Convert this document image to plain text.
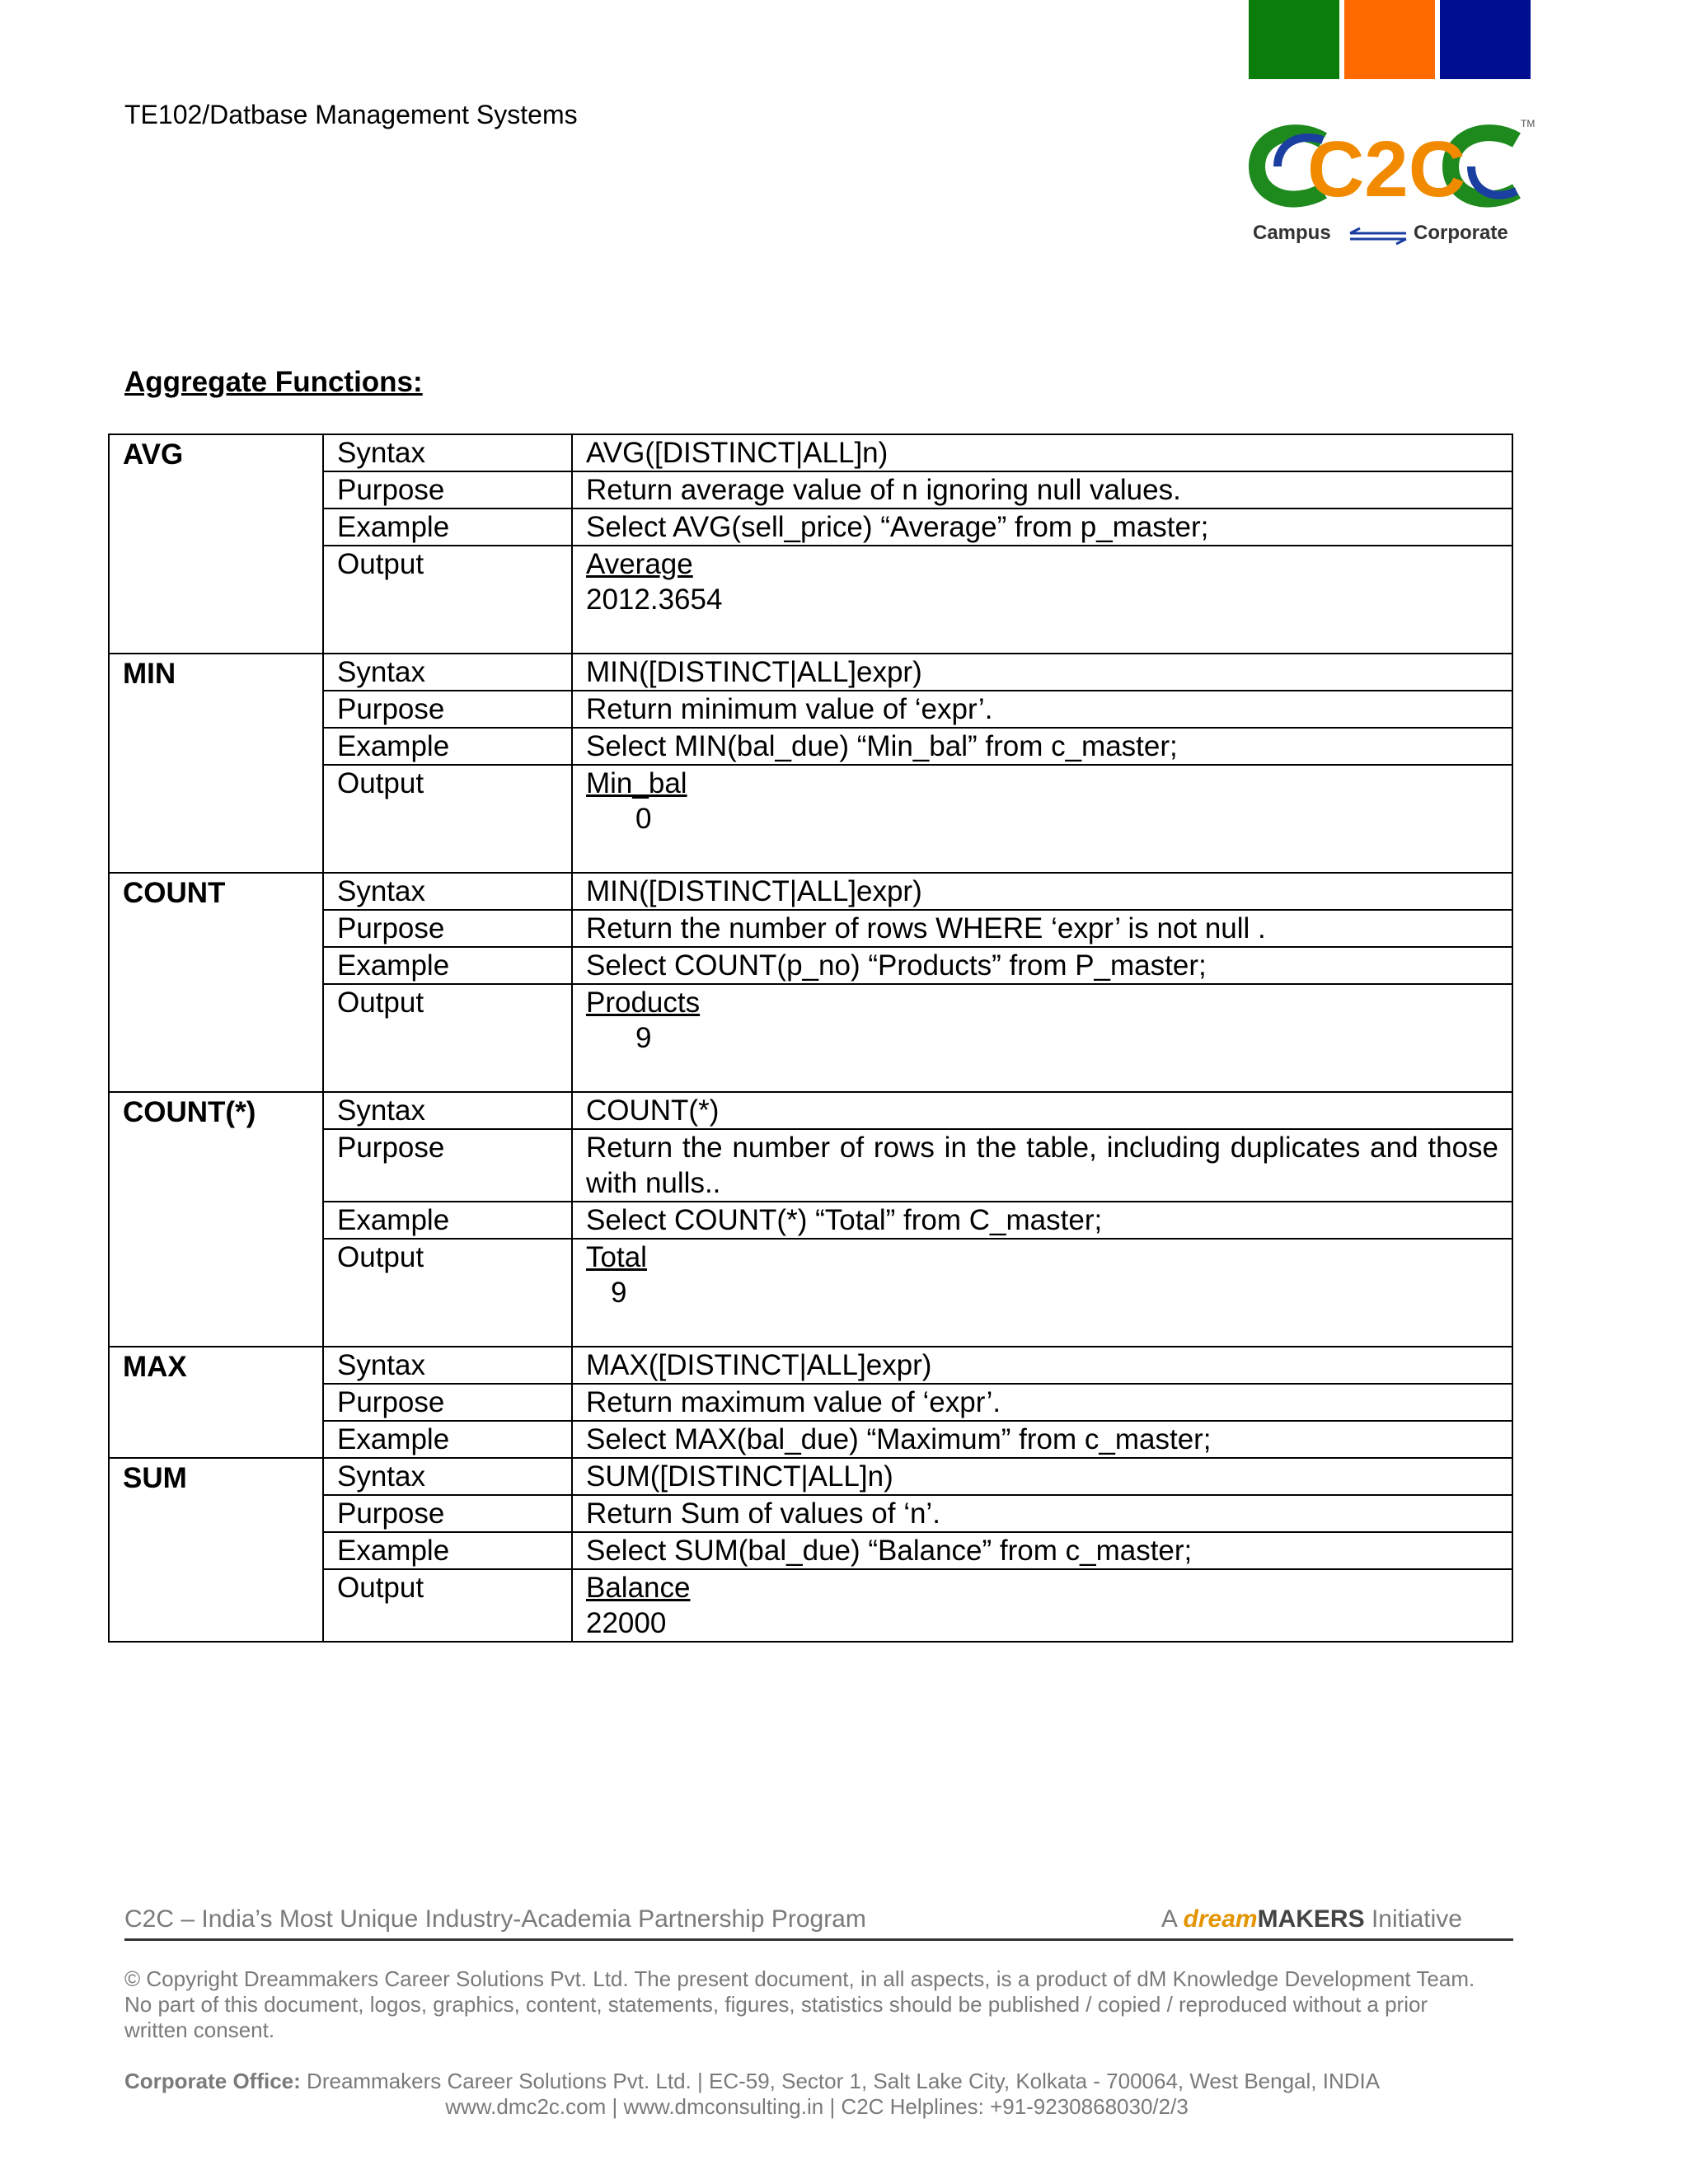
TE102/Datbase Management Systems
C2C
TM
Campus	Corporate
Aggregate Functions:
AVG	Syntax	AVG([DISTINCT|ALL]n)
	Purpose	Return average value of n ignoring null values.
	Example	Select AVG(sell_price) “Average” from p_master;
	Output	Average
2012.3654

MIN	Syntax	MIN([DISTINCT|ALL]expr)
	Purpose	Return minimum value of ‘expr’.
	Example	Select MIN(bal_due) “Min_bal” from c_master;
	Output	Min_bal
0

COUNT	Syntax	MIN([DISTINCT|ALL]expr)
	Purpose	Return the number of rows WHERE ‘expr’ is not null .
	Example	Select COUNT(p_no) “Products” from P_master;
	Output	Products
9

COUNT(*)	Syntax	COUNT(*)
	Purpose	Return the number of rows in the table, including duplicates and those with nulls..
	Example	Select COUNT(*) “Total” from C_master;
	Output	Total
9

MAX	Syntax	MAX([DISTINCT|ALL]expr)
	Purpose	Return maximum value of ‘expr’.
	Example	Select MAX(bal_due) “Maximum” from c_master;
SUM	Syntax	SUM([DISTINCT|ALL]n)
	Purpose	Return Sum of values of ‘n’.
	Example	Select SUM(bal_due) “Balance” from c_master;
	Output	Balance
22000
C2C – India’s Most Unique Industry-Academia Partnership Program	A dreamMAKERS Initiative
© Copyright Dreammakers Career Solutions Pvt. Ltd. The present document, in all aspects, is a product of dM Knowledge Development Team. No part of this document, logos, graphics, content, statements, figures, statistics should be published / copied / reproduced without a prior written consent.
Corporate Office: Dreammakers Career Solutions Pvt. Ltd. | EC-59, Sector 1, Salt Lake City, Kolkata - 700064, West Bengal, INDIA
www.dmc2c.com | www.dmconsulting.in | C2C Helplines: +91-9230868030/2/3
